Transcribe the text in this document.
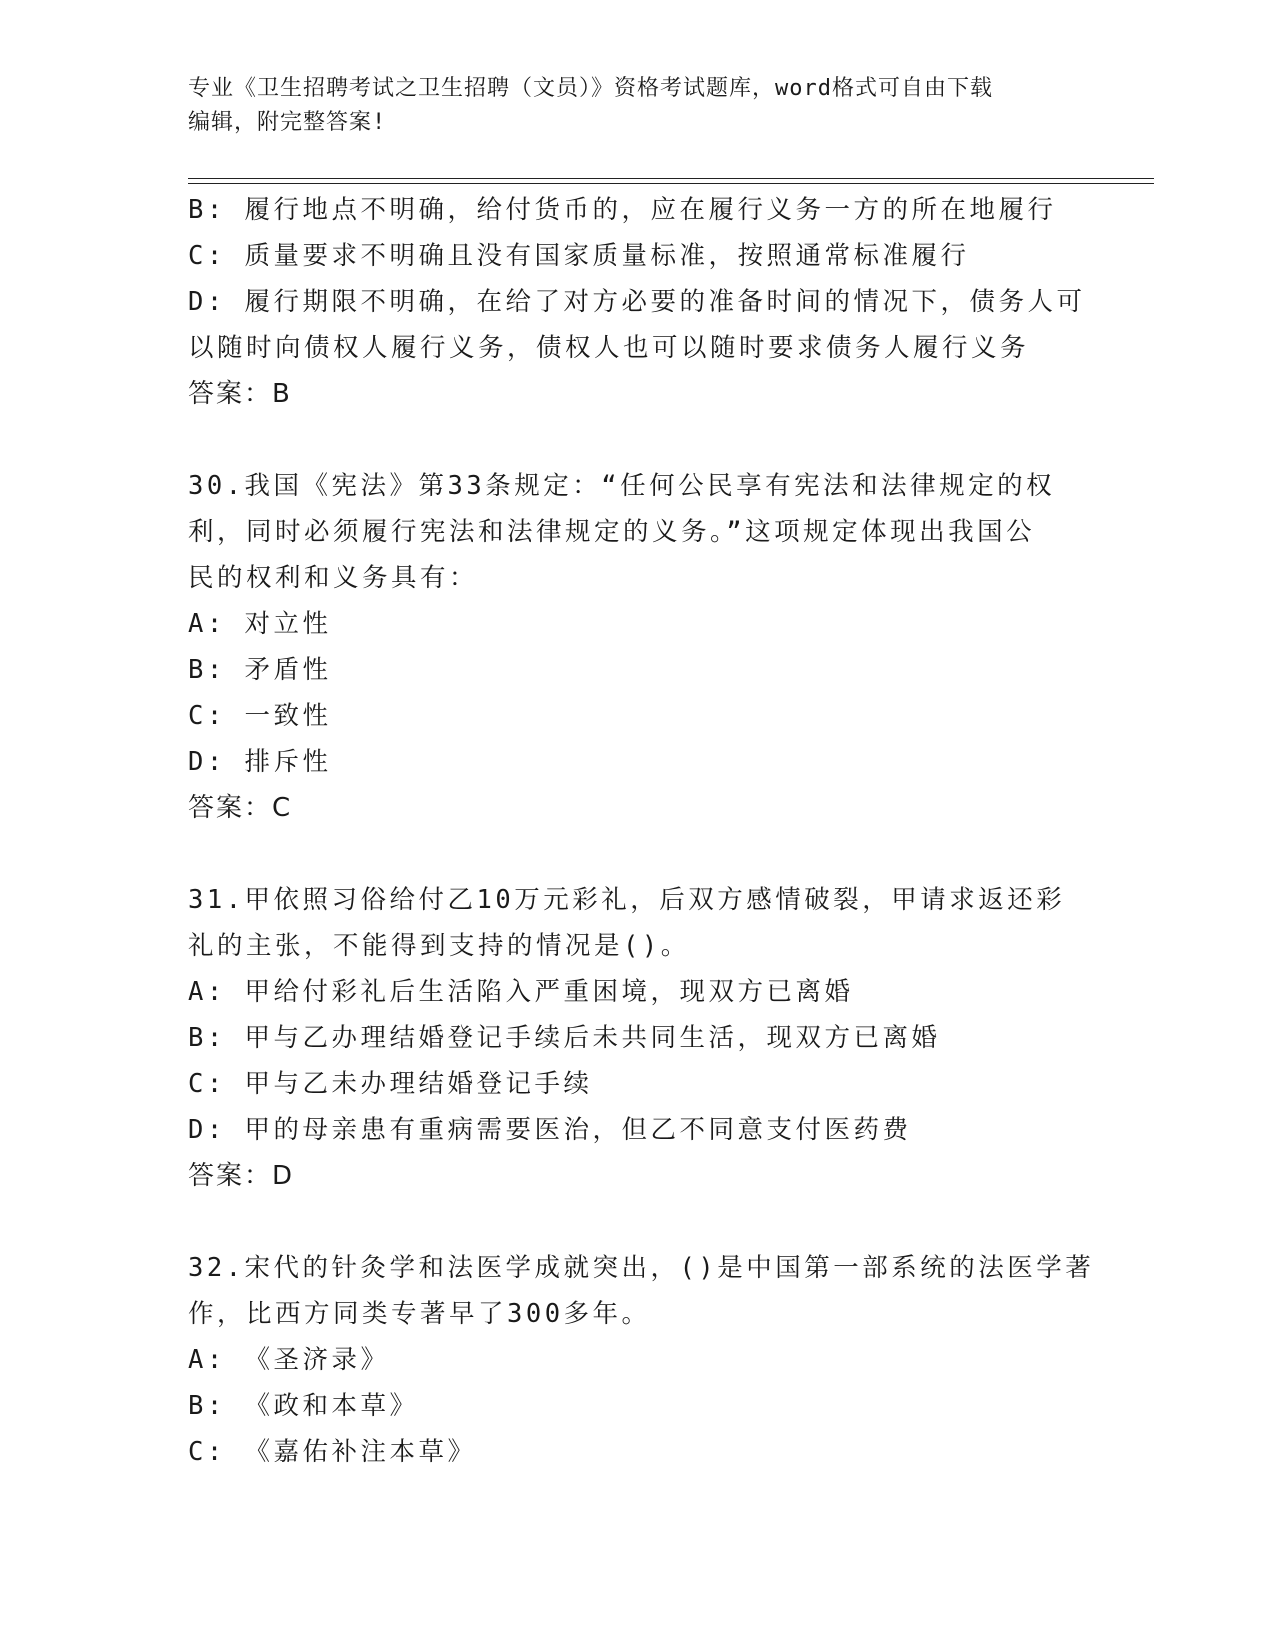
专业《卫生招聘考试之卫生招聘（文员）》资格考试题库，word格式可自由下载
编辑，附完整答案!
B: 履行地点不明确，给付货币的，应在履行义务一方的所在地履行
C: 质量要求不明确且没有国家质量标准，按照通常标准履行
D: 履行期限不明确，在给了对方必要的准备时间的情况下，债务人可
以随时向债权人履行义务，债权人也可以随时要求债务人履行义务
答案：B
30.我国《宪法》第33条规定：“任何公民享有宪法和法律规定的权
利，同时必须履行宪法和法律规定的义务。”这项规定体现出我国公
民的权利和义务具有：
A: 对立性
B: 矛盾性
C: 一致性
D: 排斥性
答案：C
31.甲依照习俗给付乙10万元彩礼，后双方感情破裂，甲请求返还彩
礼的主张，不能得到支持的情况是()。
A: 甲给付彩礼后生活陷入严重困境，现双方已离婚
B: 甲与乙办理结婚登记手续后未共同生活，现双方已离婚
C: 甲与乙未办理结婚登记手续
D: 甲的母亲患有重病需要医治，但乙不同意支付医药费
答案：D
32.宋代的针灸学和法医学成就突出，()是中国第一部系统的法医学著
作，比西方同类专著早了300多年。
A: 《圣济录》
B: 《政和本草》
C: 《嘉佑补注本草》
